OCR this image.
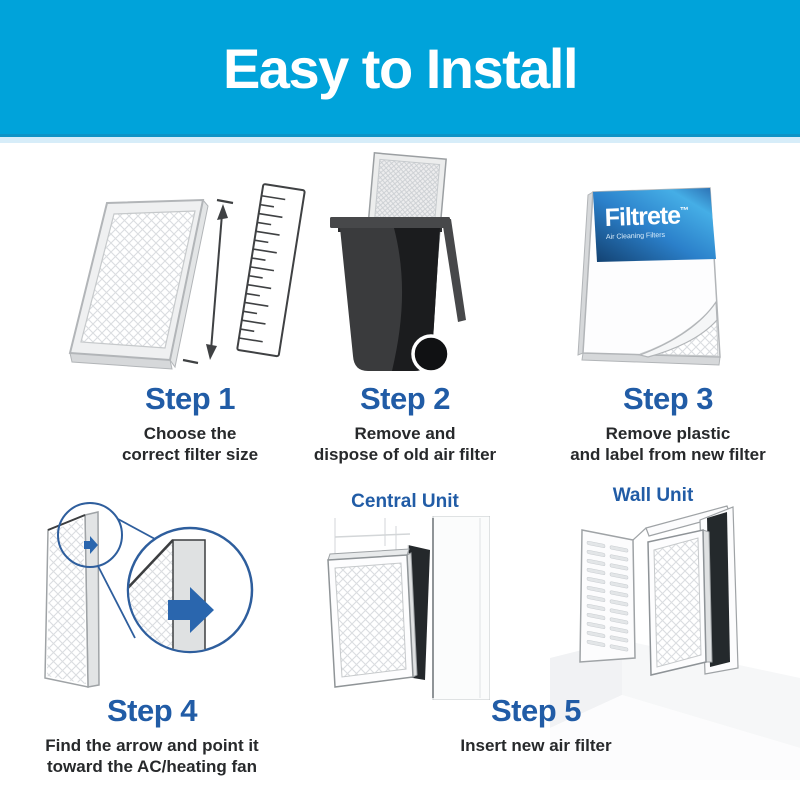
Easy to Install
Filtrete™
Air Cleaning Filters
Central Unit	Wall Unit
Step 1

Choose the
correct filter size

Step 2

Remove and
dispose of old air filter

Step 3

Remove plastic
and label from new filter

Step 4

Find the arrow and point it
toward the AC/heating fan

Step 5

Insert new air filter
